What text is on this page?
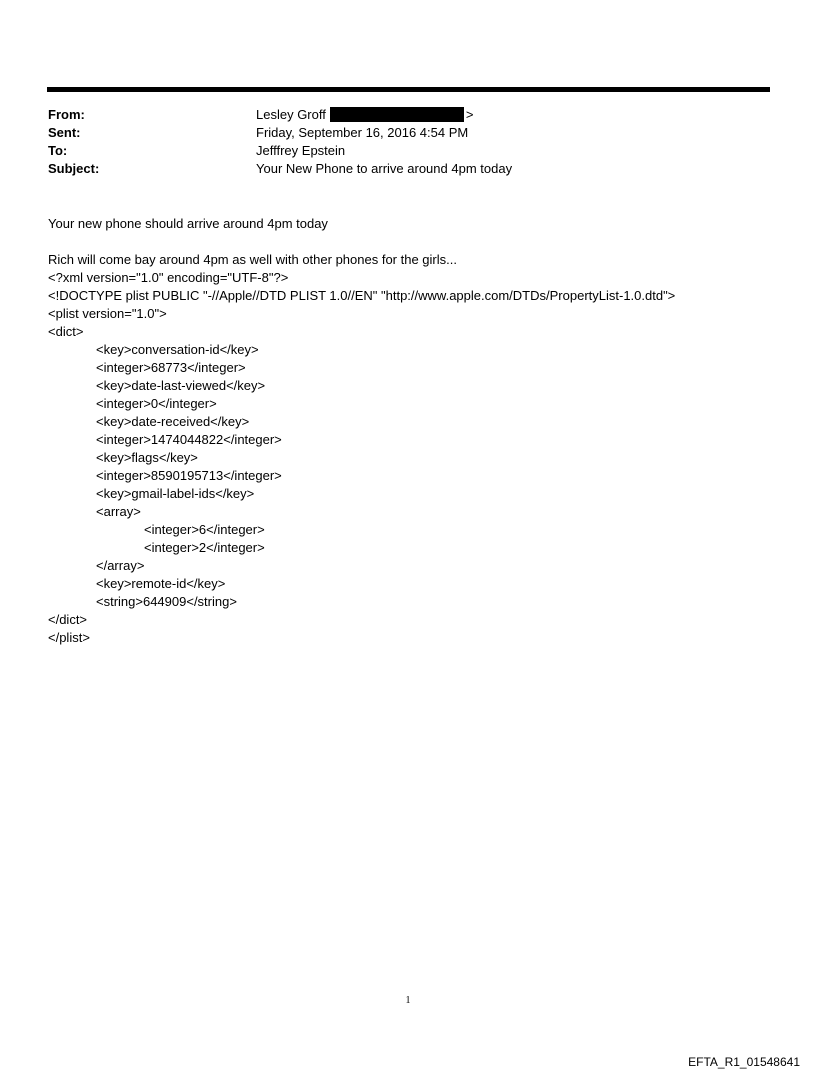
From:	Lesley Groff	>
Sent:	Friday, September 16, 2016 4:54 PM
To:	Jefffrey Epstein
Subject:	Your New Phone to arrive around 4pm today
Your new phone should arrive around 4pm today
Rich will come bay around 4pm as well with other phones for the girls...
<?xml version="1.0" encoding="UTF-8"?>
<!DOCTYPE plist PUBLIC "-//Apple//DTD PLIST 1.0//EN" "http://www.apple.com/DTDs/PropertyList-1.0.dtd">
<plist version="1.0">
<dict>
<key>conversation-id</key>
<integer>68773</integer>
<key>date-last-viewed</key>
<integer>0</integer>
<key>date-received</key>
<integer>1474044822</integer>
<key>flags</key>
<integer>8590195713</integer>
<key>gmail-label-ids</key>
<array>
<integer>6</integer>
<integer>2</integer>
</array>
<key>remote-id</key>
<string>644909</string>
</dict>
</plist>
1
EFTA_R1_01548641
